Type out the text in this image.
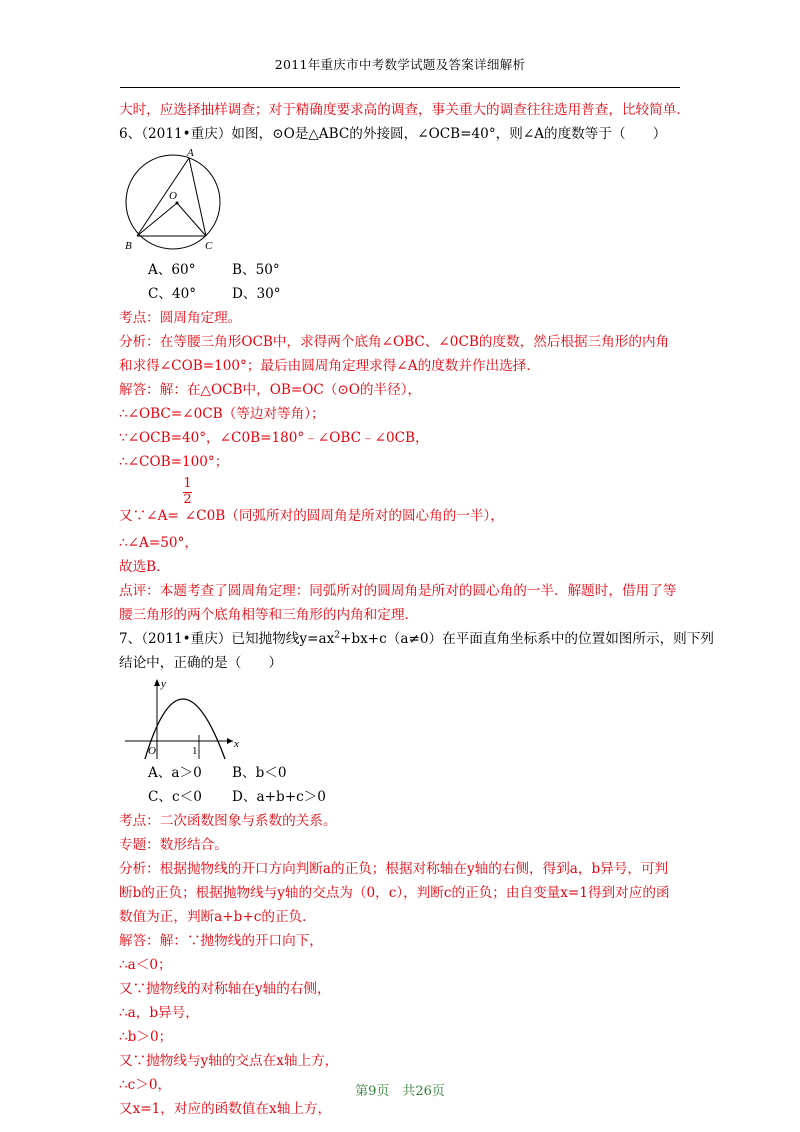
2011年重庆市中考数学试题及答案详细解析
大时，应选择抽样调查；对于精确度要求高的调查，事关重大的调查往往选用普查，比较简单．
6、（2011•重庆）如图，⊙O是△ABC的外接圆，∠OCB=40°，则∠A的度数等于（　　）
A
B	C
O
A、60°	B、50°
C、40°	D、30°
考点：圆周角定理。
分析：在等腰三角形OCB中，求得两个底角∠OBC、∠0CB的度数，然后根据三角形的内角
和求得∠COB=100°；最后由圆周角定理求得∠A的度数并作出选择．
解答：解：在△OCB中，OB=OC（⊙O的半径），
∴∠OBC=∠0CB（等边对等角）；
∵∠OCB=40°，∠C0B=180°﹣∠OBC﹣∠0CB，
∴∠COB=100°；
1
2
又∵∠A= ∠C0B（同弧所对的圆周角是所对的圆心角的一半），
∴∠A=50°，
故选B．
点评：本题考查了圆周角定理：同弧所对的圆周角是所对的圆心角的一半．解题时，借用了等
腰三角形的两个底角相等和三角形的内角和定理．
7、（2011•重庆）已知抛物线$y=ax^2+bx+c(a\ne 0)$在平面直角坐标系中的位置如图所示，则下列
结论中，正确的是（　　）
y
x
O	1
A、a＞0 B、b＜0
C、c＜0 D、a+b+c＞0
考点：二次函数图象与系数的关系。
专题：数形结合。
分析：根据抛物线的开口方向判断a的正负；根据对称轴在y轴的右侧，得到a，b异号，可判
断b的正负；根据抛物线与y轴的交点为（0，c），判断c的正负；由自变量x=1得到对应的函
数值为正，判断a+b+c的正负．
解答：解：∵抛物线的开口向下，
∴a＜0；
又∵抛物线的对称轴在y轴的右侧，
∴a，b异号，
∴b＞0；
又∵抛物线与y轴的交点在x轴上方，
∴c＞0，
又x=1，对应的函数值在x轴上方，
第9页　共26页
